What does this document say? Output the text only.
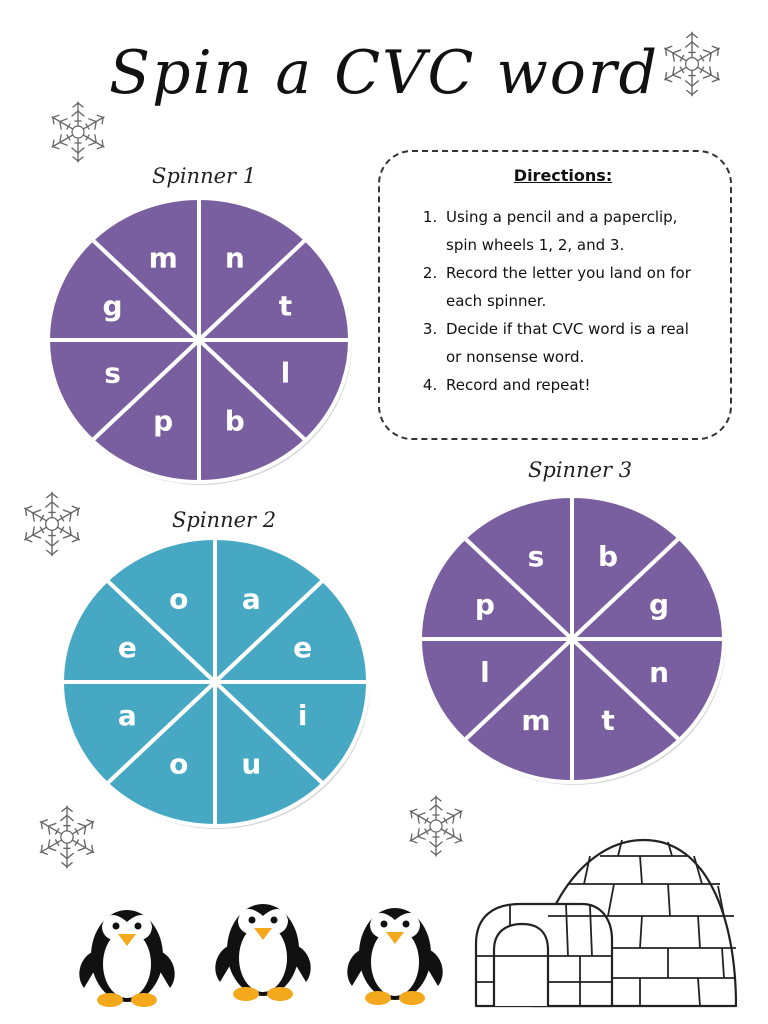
Spin a CVC word
Spinner 1
n
t
l
b
p
s
g
m
Directions:
1. Using a pencil and a paperclip, spin wheels 1, 2, and 3.
2. Record the letter you land on for each spinner.
3. Decide if that CVC word is a real or nonsense word.
4. Record and repeat!
Spinner 2
a
e
i
u
o
a
e
o
Spinner 3
b
g
n
t
m
l
p
s
